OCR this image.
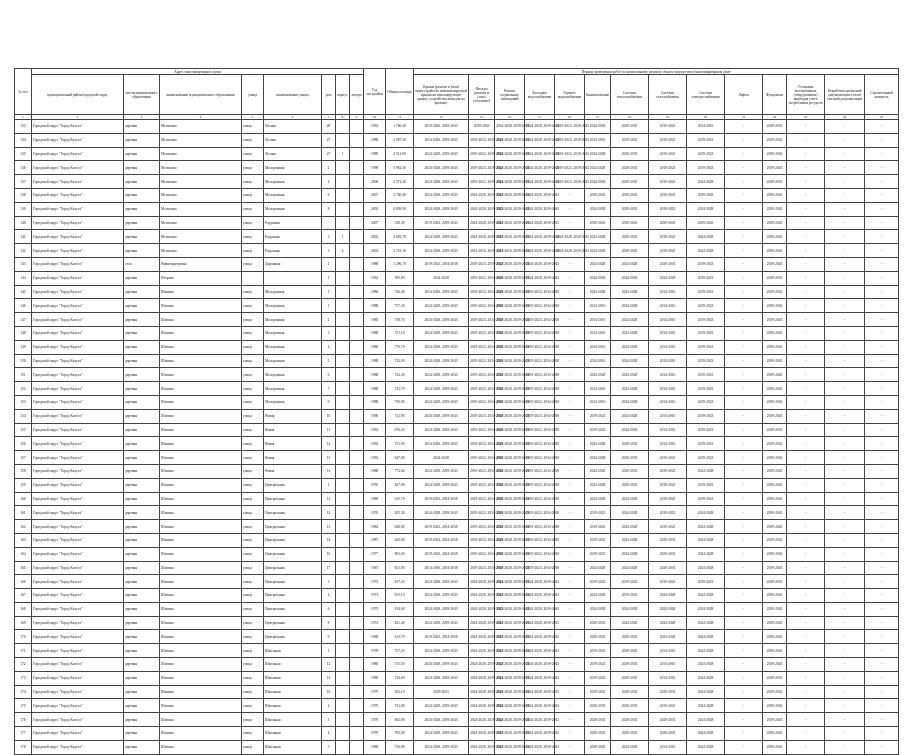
№ п/п	Адрес многоквартирного дома								Год постройки	Общая площадь	Период проведения работ по капитальному ремонту общего имущества в многоквартирном доме													
	муниципальный район/городской округ	тип муниципального образования	наименование муниципального образования	улица	наименование улицы	дом	корпус	литера			Крыша (ремонт и (или) переустройство невентилируемой крыши на вентилируемую крышу, устройство выходов на кровлю)	Фасады (ремонт и (или) утепление)	Ремонт подвальных помещений	Холодное водоснабжение	Горячее водоснабжение	Канализование	Система теплоснабжения	Система газоснабжения	Система электроснабжения	Лифты	Фундамент	Установка коллективных (общедомовых) приборов учета потребления ресурсов	Разработка проектной документации в (или) сметной документации	Строительный контроль
1	2	3	4	5	6	7	8	9	10	11	12	13	14	15	16	17	18	19	20	21	22	23	24	25
133	Городской округ "Город Калуга"	деревня	Мстихино	улица	Лесная	28			1992	1 766,30	2019-2020, 2039-2043	2019-2043	2024-2028, 2039-2043	2024-2028, 2039-2043	2019-2023, 2039-2043	2024-2028	2029-2033	2019-2023	2014-2016	-	2039-2043	-	-	-
134	Городской округ "Город Калуга"	деревня	Мстихино	улица	Лесная	27			1988	4 097,30	2024-2028, 2039-2043	2019-2023, 2039-2043	2024-2028, 2039-2043	2024-2028, 2039-2043	2019-2023, 2039-2043	2014-2016	2019-2023	2019-2023	2019-2023	-	2039-2043	-	-	-
135	Городской округ "Город Калуга"	деревня	Мстихино	улица	Лесная	27	1		1989	4 512,00	2024-2028, 2039-2043	2019-2023, 2039-2043	2024-2028, 2039-2043	2024-2028, 2039-2043	2019-2023, 2039-2043	2024-2028	2029-2033	2019-2023	2019-2023	-	2039-2043	-	-	-
136	Городской округ "Город Калуга"	деревня	Мстихино	улица	Молодежная	2			1998	3 962,30	2024-2028, 2039-2043	2019-2023, 2039-2043	2024-2028, 2039-2043	2024-2028, 2039-2043	2019-2023, 2039-2043	2024-2028	2029-2033	2019-2023	2019-2023	-	2039-2043	-	-	-
137	Городской округ "Город Калуга"	деревня	Мстихино	улица	Молодежная	4			2000	4 572,30	2024-2028, 2039-2043	2019-2023, 2039-2043	2024-2028, 2039-2043	2024-2028, 2039-2043	2019-2023, 2039-2043	2024-2028	2029-2033	2019-2023	2024-2028	-	2039-2043	-	-	-
138	Городской округ "Город Калуга"	деревня	Мстихино	улица	Молодежная	6			2007	3 740,40	2024-2028, 2039-2043	2024-2028, 2039-2043	2024-2028, 2039-2043	2024-2028, 2039-2043	-	2039-2043	2039-2043	2039-2043	2039-2043	-	2039-2043	-	-	-
139	Городской округ "Город Калуга"	деревня	Мстихино	улица	Молодежная	8			2002	4 839,50	2024-2028, 2039-2043	2024-2028, 2039-2043	2024-2028, 2039-2043	2024-2028, 2039-2043	-	2024-2028	2029-2033	2019-2023	2024-2028	-	2039-2043	-	-	-
140	Городской округ "Город Калуга"	деревня	Мстихино	улица	Радужная				2007	338,30	2019-2023, 2039-2043	2024-2028, 2039-2043	2024-2028, 2039-2043	2024-2028, 2039-2043	-	2039-2043	2039-2043	2039-2043	2039-2043	-	2039-2043	-	-	-
141	Городской округ "Город Калуга"	деревня	Мстихино	улица	Радужная	3	1		2002	4 603,70	2024-2028, 2039-2043	2024-2028, 2039-2043	2024-2028, 2039-2043	2024-2028, 2039-2043	2024-2028, 2039-2043	2024-2028	2029-2033	2019-2023	2024-2028	-	2039-2043	-	-	-
142	Городской округ "Город Калуга"	деревня	Мстихино	улица	Радужная	3	2		2002	3 741,10	2024-2028, 2039-2043	2014-2016, 2039-2043	2014-2016, 2039-2043	2024-2028, 2039-2043	2024-2028, 2039-2043	2024-2028	2029-2033	2019-2023	2024-2028	-	2039-2043	-	-	-
143	Городской округ "Город Калуга"	село	Нивнеоднеровка	улица	Дорожная	1			1988	1 296,70	2019-2023, 2034-2038	2019-2023, 2039-2043	2024-2028, 2039-2043	2024-2028, 2039-2043	-	2024-2028	2024-2028	2029-2033	2019-2023	-	2039-2043	-	-	-
144	Городской округ "Город Калуга"	деревня	Петрово			1			1962	395,80	2024-2028	2019-2023, 2034-2038	2024-2028, 2039-2043	2024-2028, 2039-2043	-	2024-2028	2024-2028	2024-2028	2019-2023	-	2039-2043	-	-	-
145	Городской округ "Город Калуга"	деревня	Шопино	улица	Молодежная	1			1986	746,40	2024-2028, 2039-2043	2019-2023, 2034-2038	2024-2028, 2039-2043	2019-2023, 2034-2038	-	2024-2028	2024-2028	2014-2016	2019-2023	-	2039-2043	-	-	-
146	Городской округ "Город Калуга"	деревня	Шопино	улица	Молодежная	1			1988	757,30	2024-2028, 2039-2043	2019-2023, 2034-2038	2024-2028, 2039-2043	2019-2023, 2034-2038	-	2014-2016	2024-2028	2014-2016	2019-2023	-	2039-2043	-	-	-
147	Городской округ "Город Калуга"	деревня	Шопино	улица	Молодежная	2			1985	758,70	2024-2028, 2039-2043	2019-2023, 2034-2038	2024-2028, 2039-2043	2019-2023, 2034-2038	-	2014-2016	2024-2028	2014-2016	2019-2023	-	2039-2043	-	-	-
148	Городской округ "Город Калуга"	деревня	Шопино	улица	Молодежная	3			1988	751,10	2024-2028, 2039-2043	2019-2023, 2034-2038	2024-2028, 2039-2043	2019-2023, 2034-2038	-	2014-2016	2024-2028	2014-2016	2019-2023	-	2039-2043	-	-	-
149	Городской округ "Город Калуга"	деревня	Шопино	улица	Молодежная	4			1986	776,70	2024-2028, 2039-2043	2019-2023, 2034-2038	2024-2028, 2039-2043	2019-2023, 2034-2038	-	2014-2016	2024-2028	2014-2016	2019-2023	-	2039-2043	-	-	-
150	Городской округ "Город Калуга"	деревня	Шопино	улица	Молодежная	5			1988	742,00	2024-2028, 2039-2043	2019-2023, 2034-2038	2024-2028, 2039-2043	2019-2023, 2034-2038	-	2014-2016	2024-2028	2014-2016	2019-2023	-	2039-2043	-	-	-
151	Городской округ "Город Калуга"	деревня	Шопино	улица	Молодежная	6			1988	722,30	2024-2028, 2039-2043	2019-2023, 2034-2038	2024-2028, 2039-2043	2019-2023, 2034-2038	-	2024-2028	2024-2028	2014-2016	2019-2023	-	2039-2043	-	-	-
152	Городской округ "Город Калуга"	деревня	Шопино	улица	Молодежная	7			1988	741,70	2024-2028, 2039-2043	2019-2023, 2034-2038	2024-2028, 2039-2043	2019-2023, 2034-2038	-	2014-2016	2024-2028	2014-2016	2019-2023	-	2039-2043	-	-	-
153	Городской округ "Город Калуга"	деревня	Шопино	улица	Молодежная	9			1988	730,80	2024-2028, 2039-2043	2019-2023, 2034-2038	2024-2028, 2039-2043	2019-2023, 2034-2038	-	2014-2016	2024-2028	2014-2016	2019-2023	-	2039-2043	-	-	-
154	Городской округ "Город Калуга"	деревня	Шопино	улица	Новая	10			1990	721,90	2024-2028, 2039-2043	2019-2023, 2034-2038	2024-2028, 2039-2043	2019-2023, 2034-2038	-	2019-2023	2024-2028	2014-2016	2019-2023	-	2039-2043	-	-	-
155	Городской округ "Город Калуга"	деревня	Шопино	улица	Новая	11			1992	676,20	2024-2028, 2039-2043	2019-2023, 2034-2038	2024-2028, 2039-2043	2019-2023, 2034-2038	-	2019-2023	2024-2028	2014-2016	2019-2023	-	2039-2043	-	-	-
156	Городской округ "Город Калуга"	деревня	Шопино	улица	Новая	12			1992	751,90	2024-2028, 2039-2043	2019-2023, 2034-2038	2024-2028, 2039-2043	2019-2023, 2034-2038	-	2024-2028	2029-2033	2014-2016	2019-2023	-	2039-2043	-	-	-
157	Городской округ "Город Калуга"	деревня	Шопино	улица	Новая	13			1992	647,00	2024-2028	2019-2023, 2034-2038	2024-2028, 2039-2043	2019-2023, 2034-2038	-	2024-2028	2029-2033	2019-2023	2019-2023	-	2039-2043	-	-	-
158	Городской округ "Город Калуга"	деревня	Шопино	улица	Новая	14			1988	772,60	2024-2028, 2039-2043	2019-2023, 2034-2038	2024-2028, 2039-2043	2019-2023, 2034-2038	-	2024-2028	2029-2033	2019-2023	2024-2028	-	2039-2043	-	-	-
159	Городской округ "Город Калуга"	деревня	Шопино	улица	Центральная	1			1976	827,90	2024-2028, 2039-2043	2019-2023, 2034-2038	2024-2028, 2039-2043	2019-2023, 2034-2038	-	2024-2028	2029-2033	2019-2023	2019-2023	-	2039-2043	-	-	-
160	Городской округ "Город Калуга"	деревня	Шопино	улица	Центральная	11			1989	615,70	2019-2023, 2034-2038	2019-2023, 2034-2038	2024-2028, 2039-2043	2019-2023, 2034-2038	-	2024-2028	2024-2028	2019-2023	2019-2023	-	2039-2043	-	-	-
161	Городской округ "Город Калуга"	деревня	Шопино	улица	Центральная	12			1976	825,30	2024-2028, 2039-2043	2019-2023, 2034-2038	2024-2028, 2039-2043	2019-2023, 2034-2038	-	2019-2023	2024-2028	2019-2023	2024-2028	-	2039-2043	-	-	-
162	Городской округ "Город Калуга"	деревня	Шопино	улица	Центральная	13			1984	628,80	2019-2023, 2034-2038	2019-2023, 2034-2038	2024-2028, 2039-2043	2019-2023, 2034-2038	-	2019-2023	2024-2028	2019-2023	2024-2028	-	2039-2043	-	-	-
163	Городской округ "Город Калуга"	деревня	Шопино	улица	Центральная	14			1987	643,60	2019-2023, 2034-2038	2019-2023, 2034-2038	2024-2028, 2039-2043	2019-2023, 2034-2038	-	2019-2023	2024-2028	2029-2033	2024-2028	-	2039-2043	-	-	-
164	Городской округ "Город Калуга"	деревня	Шопино	улица	Центральная	16			1977	803,60	2019-2023, 2034-2038	2019-2023, 2034-2038	2024-2028, 2039-2043	2019-2023, 2034-2038	-	2019-2023	2024-2028	2029-2033	2024-2028	-	2039-2043	-	-	-
165	Городской округ "Город Калуга"	деревня	Шопино	улица	Центральная	17			1967	631,00	2014-2016, 2034-2038	2019-2023, 2034-2038	2024-2028, 2039-2043	2019-2023, 2034-2038	-	2024-2028	2024-2028	2029-2033	2024-2028	-	2039-2043	-	-	-
166	Городской округ "Город Калуга"	деревня	Шопино	улица	Центральная	3			1975	817,20	2024-2028, 2039-2043	2024-2028, 2039-2043	2024-2028, 2039-2043	2024-2028, 2039-2043	-	2019-2023	2019-2023	2019-2023	2019-2023	-	2039-2043	-	-	-
167	Городской округ "Город Калуга"	деревня	Шопино	улица	Центральная	4			1973	815,10	2024-2028, 2039-2043	2024-2028, 2039-2043	2024-2028, 2039-2043	2024-2028, 2039-2043	-	2024-2028	2019-2023	2024-2028	2024-2028	-	2039-2043	-	-	-
168	Городской округ "Город Калуга"	деревня	Шопино	улица	Центральная	6			1975	814,60	2024-2028, 2039-2043	2024-2028, 2039-2043	2024-2028, 2039-2043	2024-2028, 2039-2043	-	2024-2028	2024-2028	2024-2028	2024-2028	-	2039-2043	-	-	-
169	Городской округ "Город Калуга"	деревня	Шопино	улица	Центральная	8			1972	831,40	2024-2028, 2039-2043	2024-2028, 2039-2043	2024-2028, 2039-2043	2024-2028, 2039-2043	-	2029-2033	2024-2028	2024-2028	2024-2028	-	2039-2043	-	-	-
170	Городской округ "Город Калуга"	деревня	Шопино	улица	Центральная	9			1969	613,70	2019-2023, 2034-2038	2024-2028, 2039-2043	2024-2028, 2039-2043	2024-2028, 2039-2043	-	2029-2033	2029-2033	2024-2028	2024-2028	-	2039-2043	-	-	-
171	Городской округ "Город Калуга"	деревня	Шопино	улица	Школьная	1			1978	757,20	2024-2028, 2039-2043	2024-2028, 2039-2043	2024-2028, 2039-2043	2024-2028, 2039-2043	-	2019-2023	2029-2033	2014-2016	2024-2028	-	2039-2043	-	-	-
172	Городской округ "Город Калуга"	деревня	Шопино	улица	Школьная	12			1980	735,50	2024-2028, 2039-2043	2024-2028, 2039-2043	2024-2028, 2039-2043	2024-2028, 2039-2043	-	2019-2023	2029-2033	2014-2016	2024-2028	-	2039-2043	-	-	-
173	Городской округ "Город Калуга"	деревня	Шопино	улица	Школьная	14			1980	734,60	2024-2028, 2039-2043	2024-2028, 2039-2043	2024-2028, 2039-2043	2024-2028, 2039-2043	-	2019-2023	2029-2033	2014-2016	2024-2028	-	2039-2043	-	-	-
174	Городской округ "Город Калуга"	деревня	Шопино	улица	Школьная	16			1979	653,10	2029-2033	2024-2028, 2039-2043	2024-2028, 2039-2043	2024-2028, 2039-2043	-	2019-2023	2029-2033	2029-2033	2024-2028	-	2039-2043	-	-	-
175	Городской округ "Город Калуга"	деревня	Шопино	улица	Школьная	2			1979	741,00	2024-2028, 2039-2043	2024-2028, 2039-2043	2024-2028, 2039-2043	2024-2028, 2039-2043	-	2029-2033	2029-2033	2019-2023	2024-2028	-	2039-2043	-	-	-
176	Городской округ "Город Калуга"	деревня	Шопино	улица	Школьная	3			1979	682,00	2024-2028, 2039-2043	2024-2028, 2039-2043	2024-2028, 2039-2043	2024-2028, 2039-2043	-	2029-2033	2029-2033	2029-2033	2024-2028	-	2039-2043	-	-	-
177	Городской округ "Город Калуга"	деревня	Шопино	улица	Школьная	4			1979	703,00	2024-2028, 2039-2043	2024-2028, 2039-2043	2024-2028, 2039-2043	2024-2028, 2039-2043	-	2029-2033	2029-2033	2029-2033	2024-2028	-	2039-2043	-	-	-
178	Городской округ "Город Калуга"	деревня	Шопино	улица	Школьная	5			1980	736,80	2024-2028, 2039-2043	2024-2028, 2039-2043	2024-2028, 2039-2043	2024-2028, 2039-2043	-	2029-2033	2024-2028	2014-2016	2024-2028	-	2039-2043	-	-	-
